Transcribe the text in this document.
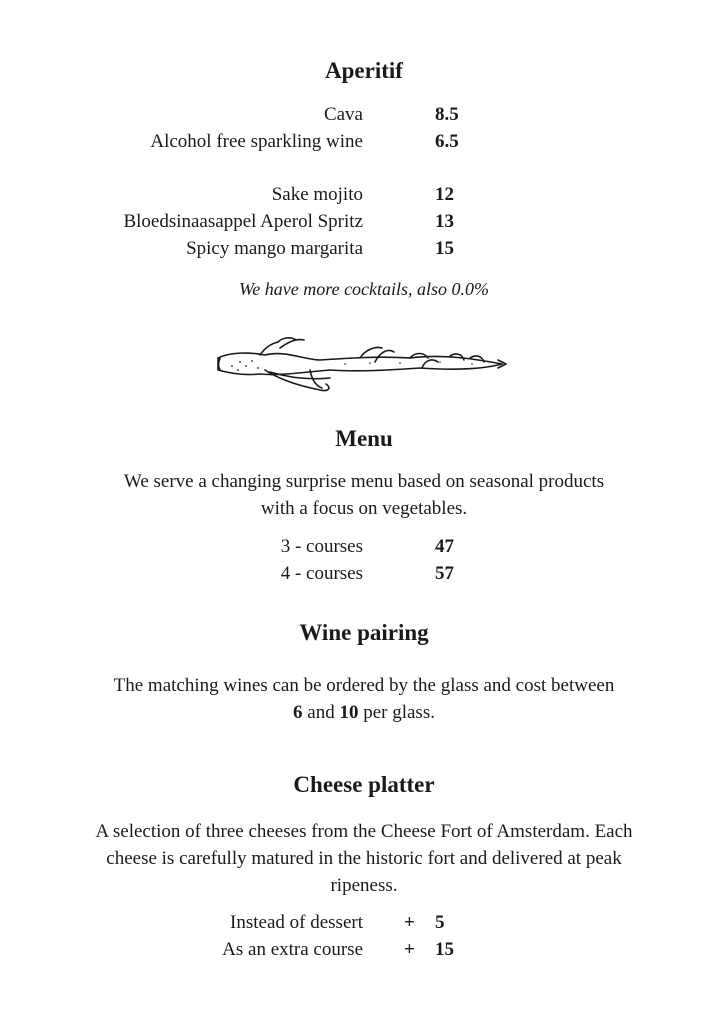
Aperitif
Cava	8.5
Alcohol free sparkling wine	6.5
Sake mojito	12
Bloedsinaasappel Aperol Spritz	13
Spicy mango margarita	15
We have more cocktails, also 0.0%
Menu
We serve a changing surprise menu based on seasonal products
with a focus on vegetables.
3 - courses	47
4 - courses	57
Wine pairing
The matching wines can be ordered by the glass and cost between
6 and 10 per glass.
Cheese platter
A selection of three cheeses from the Cheese Fort of Amsterdam. Each
cheese is carefully matured in the historic fort and delivered at peak
ripeness.
Instead of dessert + 5
As an extra course + 15
